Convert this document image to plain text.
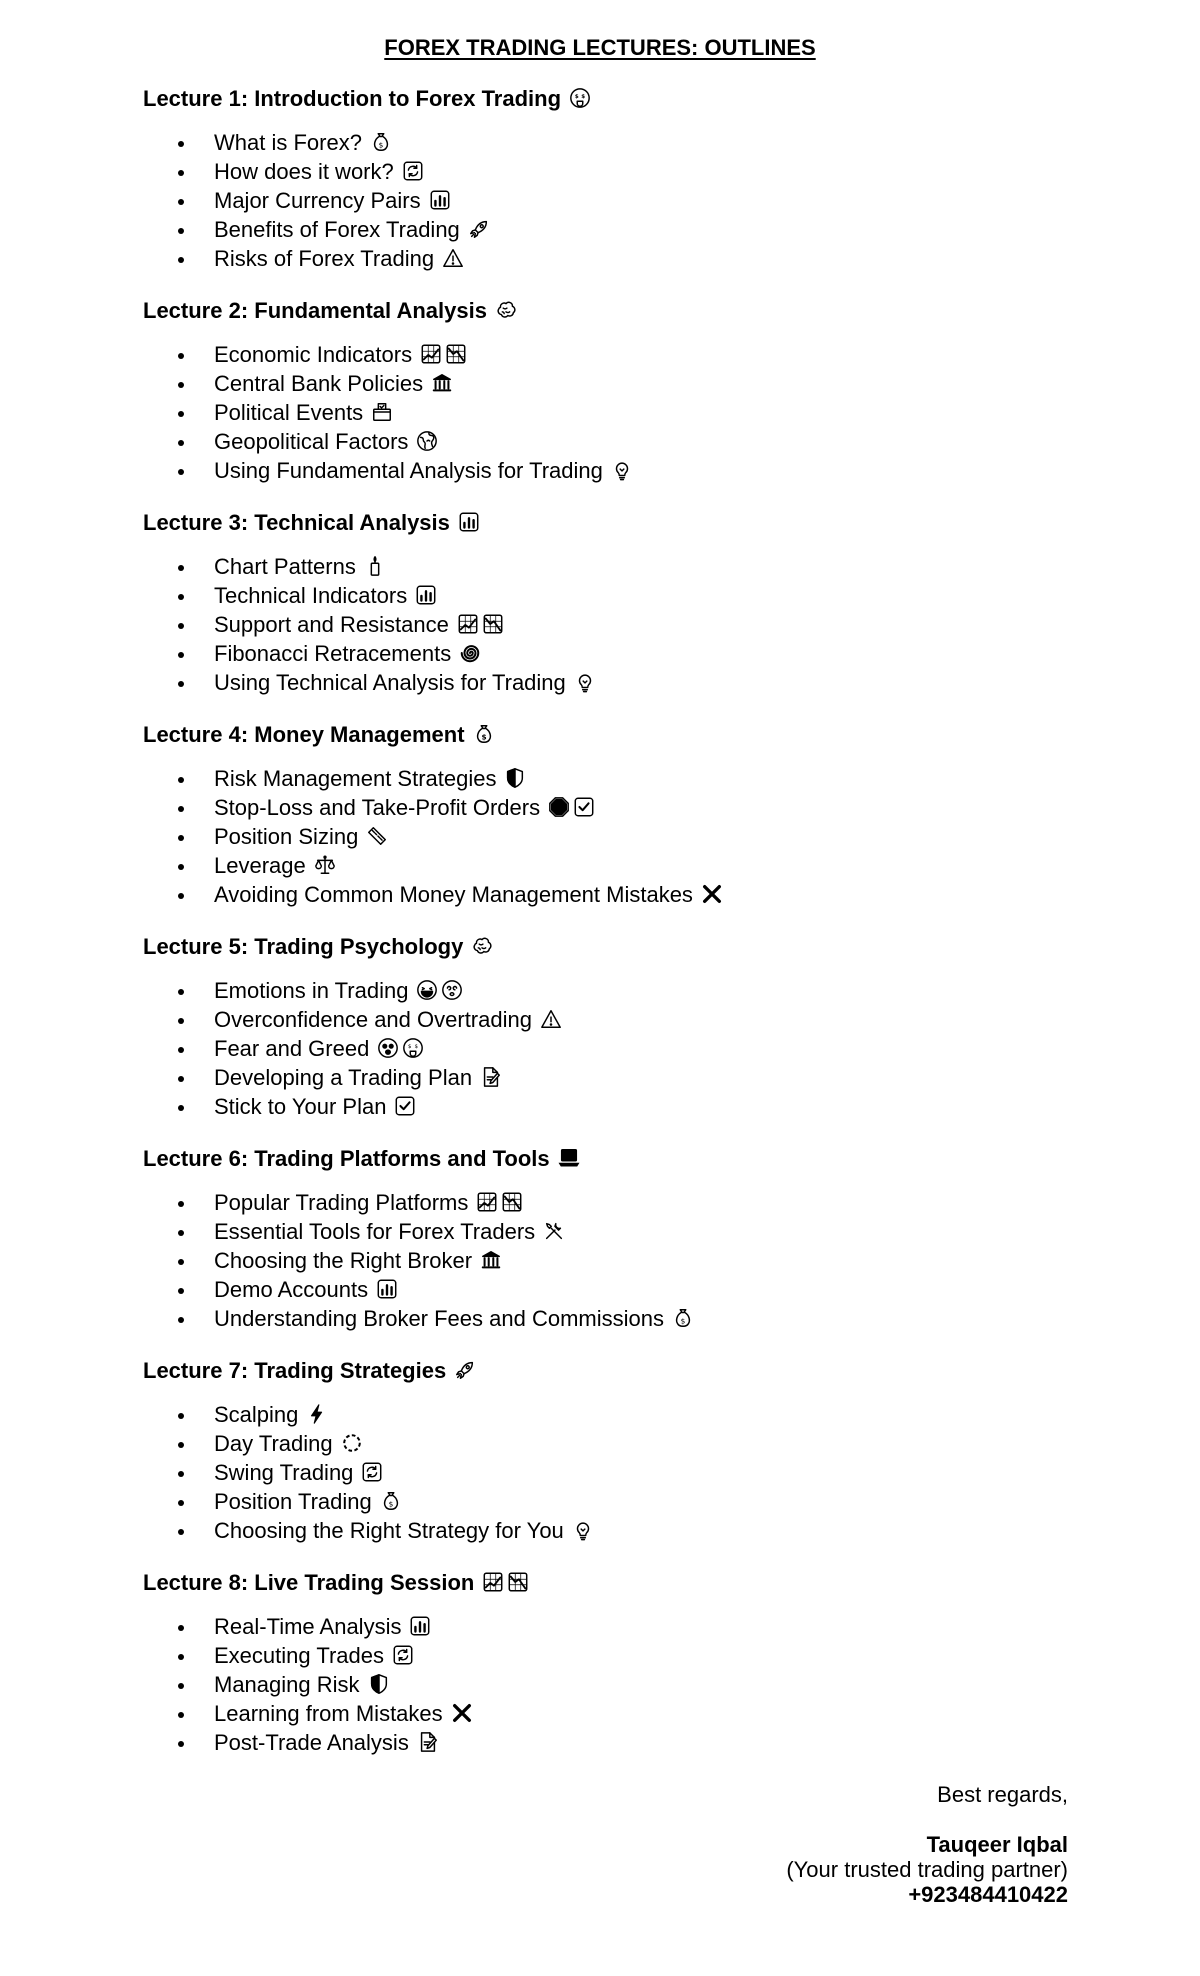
FOREX TRADING LECTURES: OUTLINES
Lecture 1: Introduction to Forex Trading $ $
What is Forex? $
How does it work?
Major Currency Pairs
Benefits of Forex Trading
Risks of Forex Trading
Lecture 2: Fundamental Analysis
Economic Indicators
Central Bank Policies
Political Events
Geopolitical Factors
Using Fundamental Analysis for Trading
Lecture 3: Technical Analysis
Chart Patterns
Technical Indicators
Support and Resistance
Fibonacci Retracements
Using Technical Analysis for Trading
Lecture 4: Money Management $
Risk Management Strategies
Stop-Loss and Take-Profit Orders
Position Sizing
Leverage
Avoiding Common Money Management Mistakes
Lecture 5: Trading Psychology
Emotions in Trading
Overconfidence and Overtrading
Fear and Greed	$ $
Developing a Trading Plan
Stick to Your Plan
Lecture 6: Trading Platforms and Tools
Popular Trading Platforms
Essential Tools for Forex Traders
Choosing the Right Broker
Demo Accounts
Understanding Broker Fees and Commissions $
Lecture 7: Trading Strategies
Scalping
Day Trading
Swing Trading
Position Trading $
Choosing the Right Strategy for You
Lecture 8: Live Trading Session
Real-Time Analysis
Executing Trades
Managing Risk
Learning from Mistakes
Post-Trade Analysis
Best regards,
Tauqeer Iqbal
(Your trusted trading partner)
+923484410422
